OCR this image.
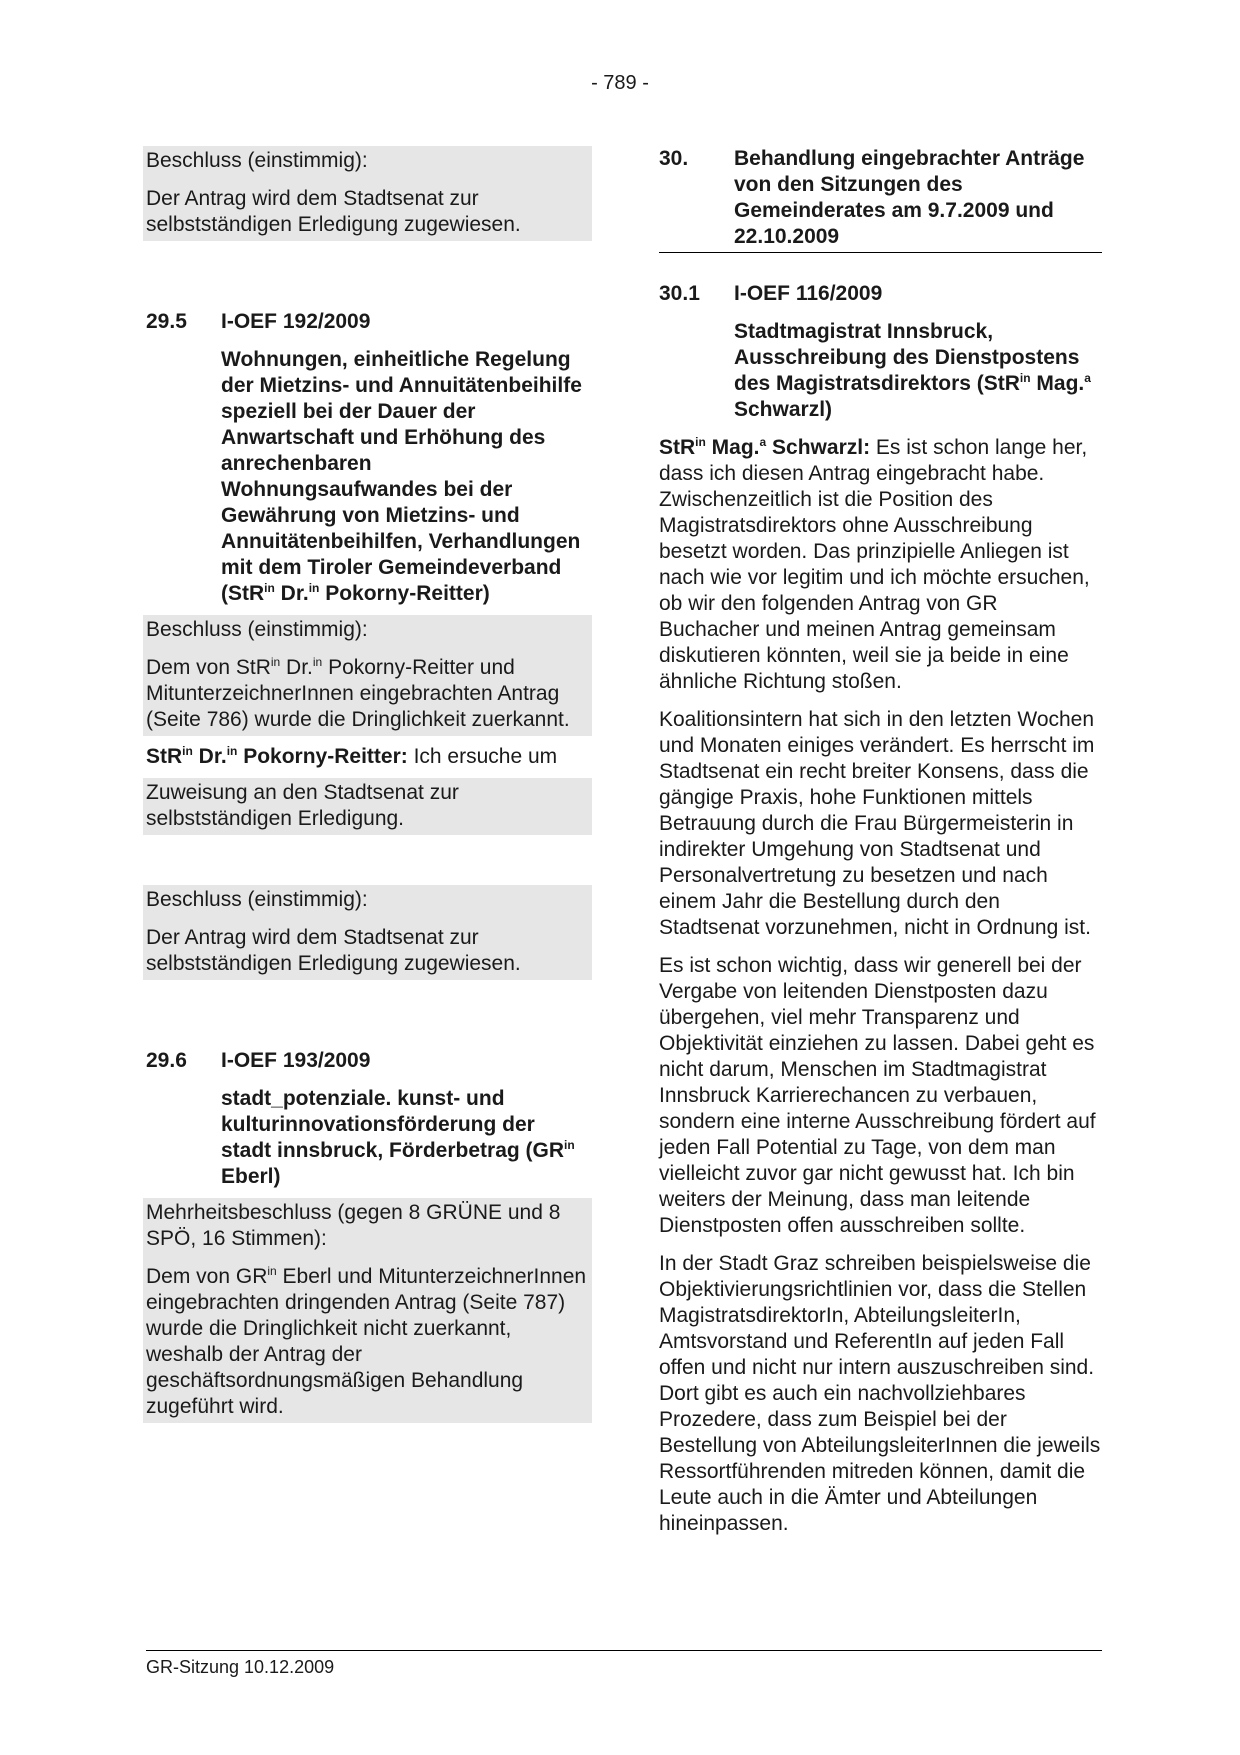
- 789 -

Beschluss (einstimmig):

Der Antrag wird dem Stadtsenat zur selbstständigen Erledigung zugewiesen.

29.5	I-OEF 192/2009
Wohnungen, einheitliche Regelung der Mietzins- und Annuitätenbeihilfe speziell bei der Dauer der Anwartschaft und Erhöhung des anrechenbaren Wohnungsaufwandes bei der Gewährung von Mietzins- und Annuitätenbeihilfen, Verhandlungen mit dem Tiroler Gemeindeverband (StR$^{in}$ Dr.$^{in}$ Pokorny-Reitter)

Beschluss (einstimmig):

Dem von StR$^{in}$ Dr.$^{in}$ Pokorny-Reitter und MitunterzeichnerInnen eingebrachten Antrag (Seite 786) wurde die Dringlichkeit zuerkannt.

StR$^{in}$ Dr.$^{in}$ Pokorny-Reitter: Ich ersuche um

Zuweisung an den Stadtsenat zur selbstständigen Erledigung.

Beschluss (einstimmig):

Der Antrag wird dem Stadtsenat zur selbstständigen Erledigung zugewiesen.

29.6	I-OEF 193/2009
stadt_potenziale. kunst- und kulturinnovationsförderung der stadt innsbruck, Förderbetrag ($GR^{in}$ Eberl)

Mehrheitsbeschluss (gegen 8 GRÜNE und 8 SPÖ, 16 Stimmen):

Dem von $GR^{in}$ Eberl und MitunterzeichnerInnen eingebrachten dringenden Antrag (Seite 787) wurde die Dringlichkeit nicht zuerkannt, weshalb der Antrag der geschäftsordnungsmäßigen Behandlung zugeführt wird.

30.	Behandlung eingebrachter Anträge von den Sitzungen des Gemeinderates am 9.7.2009 und 22.10.2009
30.1	I-OEF 116/2009
Stadtmagistrat Innsbruck, Ausschreibung des Dienstpostens des Magistratsdirektors (StR$^{in}$ Mag.$^a$ Schwarzl)

StR$^{in}$ Mag.$^a$ Schwarzl: Es ist schon lange her, dass ich diesen Antrag eingebracht habe. Zwischenzeitlich ist die Position des Magistratsdirektors ohne Ausschreibung besetzt worden. Das prinzipielle Anliegen ist nach wie vor legitim und ich möchte ersuchen, ob wir den folgenden Antrag von GR Buchacher und meinen Antrag gemeinsam diskutieren könnten, weil sie ja beide in eine ähnliche Richtung stoßen.

Koalitionsintern hat sich in den letzten Wochen und Monaten einiges verändert. Es herrscht im Stadtsenat ein recht breiter Konsens, dass die gängige Praxis, hohe Funktionen mittels Betrauung durch die Frau Bürgermeisterin in indirekter Umgehung von Stadtsenat und Personalvertretung zu besetzen und nach einem Jahr die Bestellung durch den Stadtsenat vorzunehmen, nicht in Ordnung ist.

Es ist schon wichtig, dass wir generell bei der Vergabe von leitenden Dienstposten dazu übergehen, viel mehr Transparenz und Objektivität einziehen zu lassen. Dabei geht es nicht darum, Menschen im Stadtmagistrat Innsbruck Karrierechancen zu verbauen, sondern eine interne Ausschreibung fördert auf jeden Fall Potential zu Tage, von dem man vielleicht zuvor gar nicht gewusst hat. Ich bin weiters der Meinung, dass man leitende Dienstposten offen ausschreiben sollte.

In der Stadt Graz schreiben beispielsweise die Objektivierungsrichtlinien vor, dass die Stellen MagistratsdirektorIn, AbteilungsleiterIn, Amtsvorstand und ReferentIn auf jeden Fall offen und nicht nur intern auszuschreiben sind. Dort gibt es auch ein nachvollziehbares Prozedere, dass zum Beispiel bei der Bestellung von AbteilungsleiterInnen die jeweils Ressortführenden mitreden können, damit die Leute auch in die Ämter und Abteilungen hineinpassen.

GR-Sitzung 10.12.2009
